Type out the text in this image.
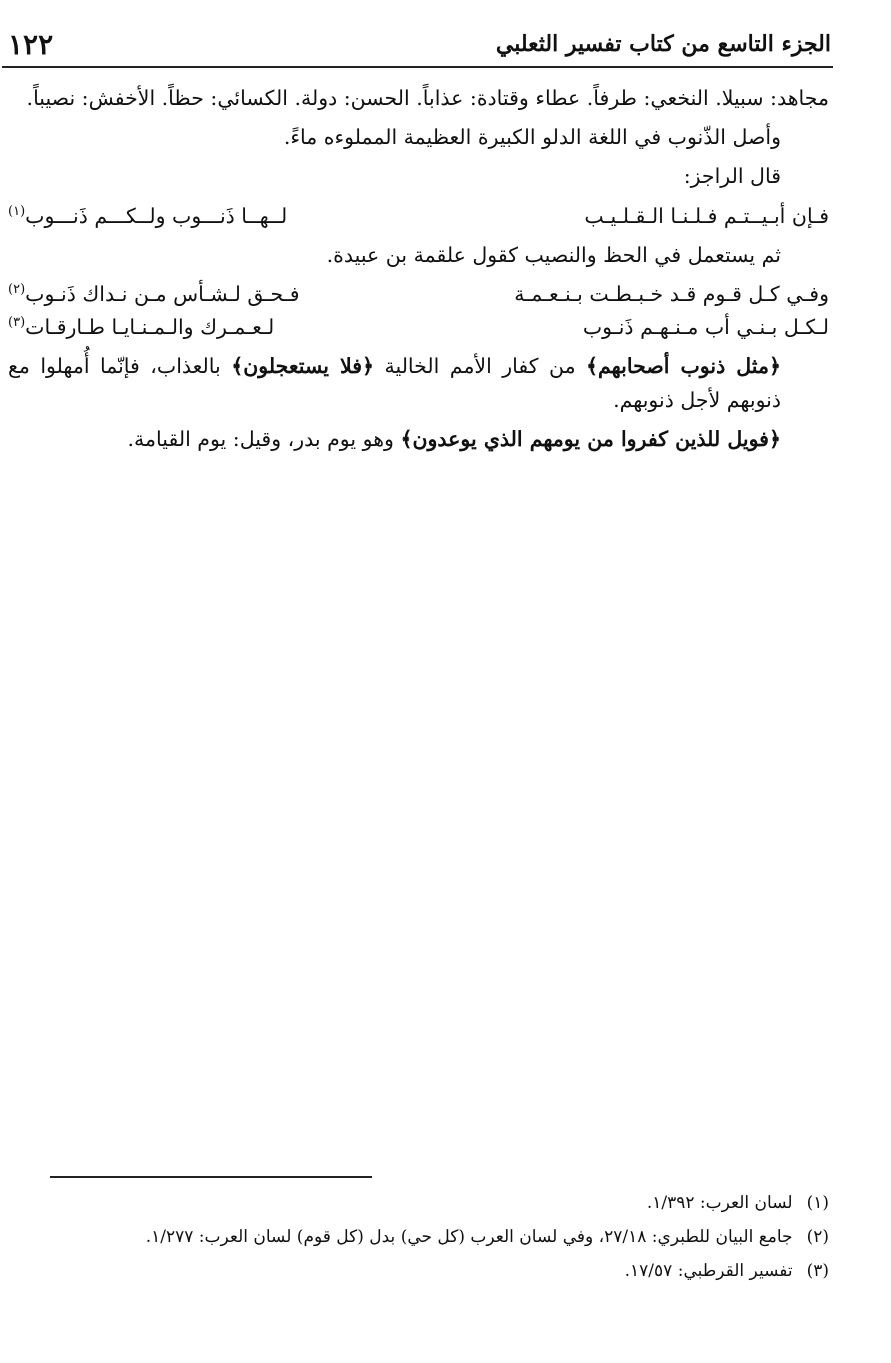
الجزء التاسع من كتاب تفسير الثعلبي
١٢٢

مجاهد: سبيلا. النخعي: طرفاً. عطاء وقتادة: عذاباً. الحسن: دولة. الكسائي: حظاً. الأخفش: نصيباً.

وأصل الذّنوب في اللغة الدلو الكبيرة العظيمة المملوءه ماءً.

قال الراجز:

فـإن أبـيــتـم فـلـنـا الـقـلـيـب
لــهــا ذَنـــوب ولــكـــم ذَنـــوب$^{(١)}$

ثم يستعمل في الحظ والنصيب كقول علقمة بن عبيدة.

وفـي كـل قـوم قـد خـبـطـت بـنـعـمـة
فـحـق لـشـأس مـن نـداك ذَنـوب$^{(٢)}$
لـكـل بـنـي أب مـنـهـم ذَنـوب
لـعـمـرك والـمـنـايـا طـارقـات$^{(٣)}$

﴿مثل ذنوب أصحابهم﴾ من كفار الأمم الخالية ﴿فلا يستعجلون﴾ بالعذاب، فإنّما أُمهلوا مع ذنوبهم لأجل ذنوبهم.

﴿فويل للذين كفروا من يومهم الذي يوعدون﴾ وهو يوم بدر، وقيل: يوم القيامة.

(١)
لسان العرب: ١/٣٩٢.
(٢)
جامع البيان للطبري: ٢٧/١٨، وفي لسان العرب (كل حي) بدل (كل قوم) لسان العرب: ١/٢٧٧.
(٣)
تفسير القرطبي: ١٧/٥٧.
